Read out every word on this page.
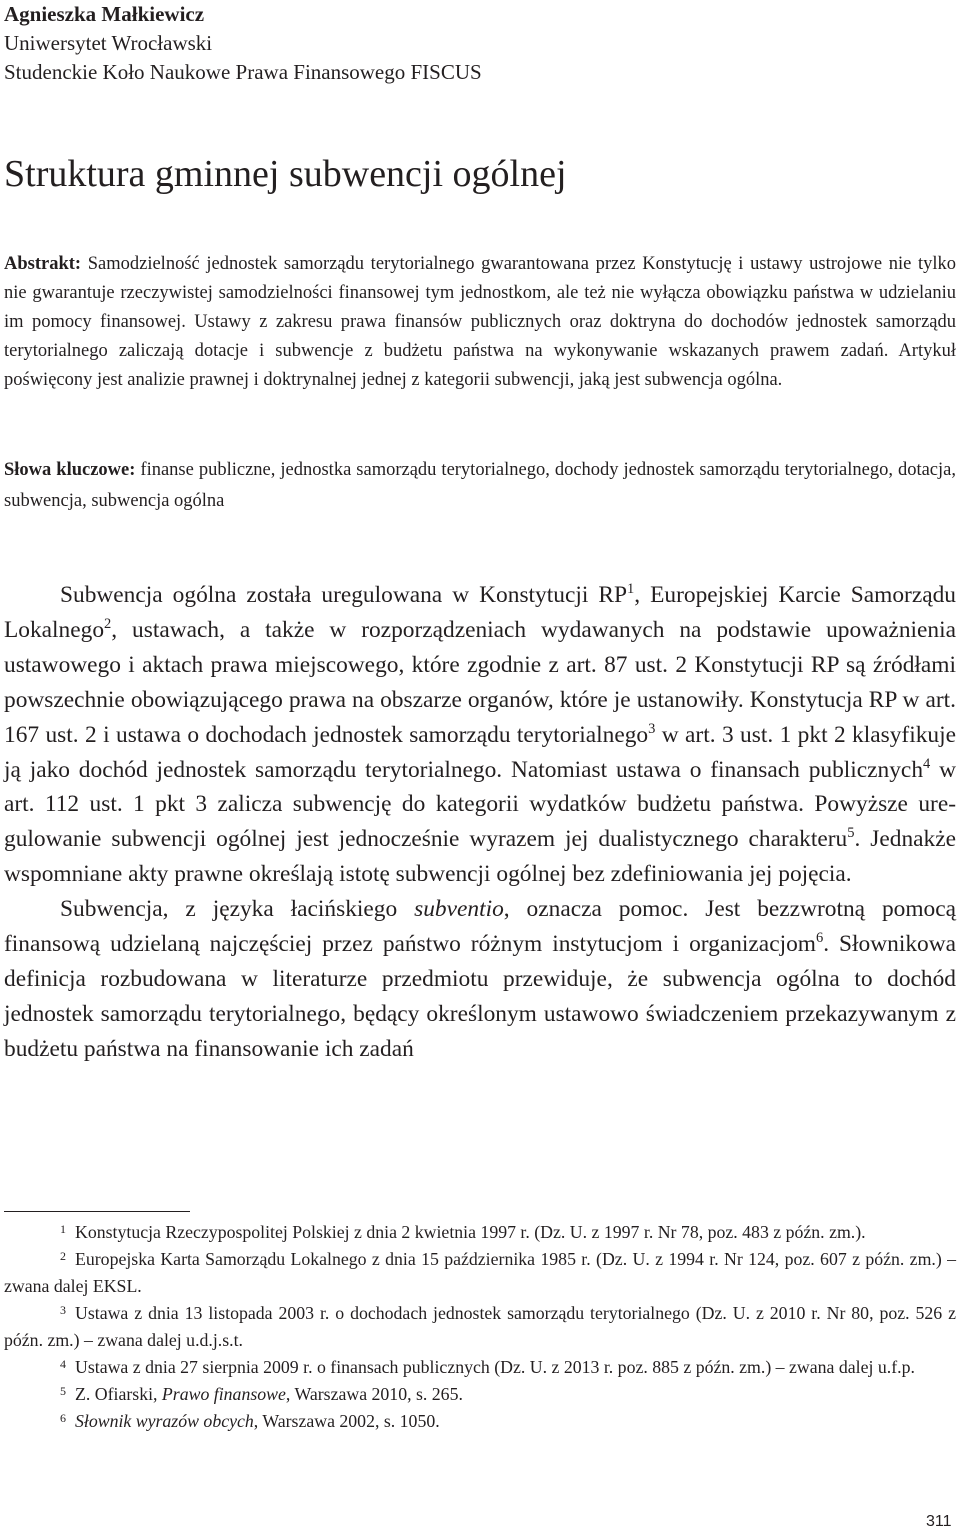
Agnieszka Małkiewicz
Uniwersytet Wrocławski
Studenckie Koło Naukowe Prawa Finansowego FISCUS
Struktura gminnej subwencji ogólnej

Abstrakt: Samodzielność jednostek samorządu terytorialnego gwarantowana przez Konstytucję i ustawy ustrojowe nie tylko nie gwarantuje rzeczywistej samodzielności finansowej tym jednostkom, ale też nie wyłącza obowiązku państwa w udzielaniu im pomocy finansowej. Ustawy z zakresu prawa finansów publicznych oraz doktryna do dochodów jednostek samorządu terytorialnego zaliczają dotacje i subwencje z budżetu państwa na wykonywanie wskazanych prawem zadań. Artykuł poświęcony jest analizie prawnej i doktrynalnej jednej z kategorii subwencji, jaką jest subwencja ogólna.

Słowa kluczowe: finanse publiczne, jednostka samorządu terytorialnego, dochody jednostek samorządu terytorialnego, dotacja, subwencja, subwencja ogólna

Subwencja ogólna została uregulowana w Konstytucji $RP^1$, Europejskiej Karcie Samorządu Lokalnego$^2$, ustawach, a także w rozporządzeniach wydawanych na podstawie upoważnienia ustawowego i aktach prawa miejscowego, które zgodnie z art. 87 ust. 2 Konstytucji RP są źródłami powszechnie obowiązującego prawa na obszarze organów, które je ustanowiły. Konstytucja RP w art. 167 ust. 2 i ustawa o dochodach jednostek samorządu terytorialnego$^3$ w art. 3 ust. 1 pkt 2 klasyfikuje ją jako dochód jednostek samorządu terytorialnego. Natomiast ustawa o finansach publicznych$^4$ w art. 112 ust. 1 pkt 3 zalicza subwencję do kategorii wydatków budżetu państwa. Powyższe uregulowanie subwencji ogólnej jest jednocześnie wyrazem jej dualistycznego charakteru$^5$. Jednakże wspomniane akty prawne określają istotę subwencji ogólnej bez zdefiniowania jej pojęcia.

Subwencja, z języka łacińskiego subventio, oznacza pomoc. Jest bezzwrotną pomocą finansową udzielaną najczęściej przez państwo różnym instytucjom i organizacjom$^6$. Słownikowa definicja rozbudowana w literaturze przedmiotu przewiduje, że subwencja ogólna to dochód jednostek samorządu terytorialnego, będący określonym ustawowo świadczeniem przekazywanym z budżetu państwa na finansowanie ich zadań

$^1$ Konstytucja Rzeczypospolitej Polskiej z dnia 2 kwietnia 1997 r. (Dz. U. z 1997 r. Nr 78, poz. 483 z późn. zm.).

$^2$ Europejska Karta Samorządu Lokalnego z dnia 15 października 1985 r. (Dz. U. z 1994 r. Nr 124, poz. 607 z późn. zm.) – zwana dalej EKSL.

$^3$ Ustawa z dnia 13 listopada 2003 r. o dochodach jednostek samorządu terytorialnego (Dz. U. z 2010 r. Nr 80, poz. 526 z późn. zm.) – zwana dalej u.d.j.s.t.

$^4$ Ustawa z dnia 27 sierpnia 2009 r. o finansach publicznych (Dz. U. z 2013 r. poz. 885 z późn. zm.) – zwana dalej u.f.p.

$^5$ Z. Ofiarski, Prawo finansowe, Warszawa 2010, s. 265.

$^6$ Słownik wyrazów obcych, Warszawa 2002, s. 1050.

311
